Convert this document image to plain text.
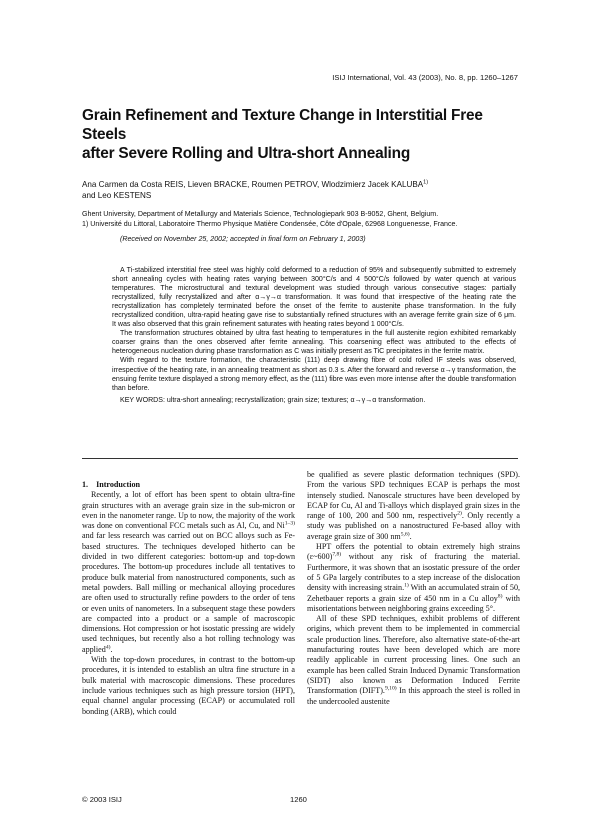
ISIJ International, Vol. 43 (2003), No. 8, pp. 1260–1267
Grain Refinement and Texture Change in Interstitial Free Steels
after Severe Rolling and Ultra-short Annealing
Ana Carmen da Costa REIS, Lieven BRACKE, Roumen PETROV, Wlodzimierz Jacek KALUBA$^{1)}$
and Leo KESTENS

Ghent University, Department of Metallurgy and Materials Science, Technologiepark 903 B-9052, Ghent, Belgium.

1) Université du Littoral, Laboratoire Thermo Physique Matière Condensée, Côte d'Opale, 62968 Longuenesse, France.

(Received on November 25, 2002; accepted in final form on February 1, 2003)

A Ti-stabilized interstitial free steel was highly cold deformed to a reduction of 95% and subsequently submitted to extremely short annealing cycles with heating rates varying between 300°C/s and 4 500°C/s followed by water quench at various temperatures. The microstructural and textural development was studied through various consecutive stages: partially recrystallized, fully recrystallized and after α→γ→α transformation. It was found that irrespective of the heating rate the recrystallization has completely terminated before the onset of the ferrite to austenite phase transformation. In the fully recrystallized condition, ultra-rapid heating gave rise to substantially refined structures with an average ferrite grain size of 6 μm. It was also observed that this grain refinement saturates with heating rates beyond 1 000°C/s.

The transformation structures obtained by ultra fast heating to temperatures in the full austenite region exhibited remarkably coarser grains than the ones observed after ferrite annealing. This coarsening effect was attributed to the effects of heterogeneous nucleation during phase transformation as C was initially present as TiC precipitates in the ferrite matrix.

With regard to the texture formation, the characteristic (111) deep drawing fibre of cold rolled IF steels was observed, irrespective of the heating rate, in an annealing treatment as short as 0.3 s. After the forward and reverse α→γ transformation, the ensuing ferrite texture displayed a strong memory effect, as the (111) fibre was even more intense after the double transformation than before.

KEY WORDS: ultra-short annealing; recrystallization; grain size; textures; α→γ→α transformation.

1. Introduction

Recently, a lot of effort has been spent to obtain ultra-fine grain structures with an average grain size in the sub-micron or even in the nanometer range. Up to now, the majority of the work was done on conventional FCC metals such as Al, Cu, and Ni$^{1-3)}$ and far less research was carried out on BCC alloys such as Fe-based structures. The techniques developed hitherto can be divided in two different categories: bottom-up and top-down procedures. The bottom-up procedures include all tentatives to produce bulk material from nanostructured components, such as metal powders. Ball milling or mechanical alloying procedures are often used to structurally refine powders to the order of tens or even units of nanometers. In a subsequent stage these powders are compacted into a product or a sample of macroscopic dimensions. Hot compression or hot isostatic pressing are widely used techniques, but recently also a hot rolling technology was applied$^{4)}$.

With the top-down procedures, in contrast to the bottom-up procedures, it is intended to establish an ultra fine structure in a bulk material with macroscopic dimensions. These procedures include various techniques such as high pressure torsion (HPT), equal channel angular processing (ECAP) or accumulated roll bonding (ARB), which could

be qualified as severe plastic deformation techniques (SPD). From the various SPD techniques ECAP is perhaps the most intensely studied. Nanoscale structures have been developed by ECAP for Cu, Al and Ti-alloys which displayed grain sizes in the range of 100, 200 and 500 nm, respectively$^{2)}$. Only recently a study was published on a nanostructured Fe-based alloy with average grain size of 300 nm$^{5,6)}$.

HPT offers the potential to obtain extremely high strains (ε~600)$^{7,8)}$ without any risk of fracturing the material. Furthermore, it was shown that an isostatic pressure of the order of 5 GPa largely contributes to a step increase of the dislocation density with increasing strain.$^{1)}$ With an accumulated strain of 50, Zehetbauer reports a grain size of 450 nm in a Cu alloy$^{8)}$ with misorientations between neighboring grains exceeding 5°.

All of these SPD techniques, exhibit problems of different origins, which prevent them to be implemented in commercial scale production lines. Therefore, also alternative state-of-the-art manufacturing routes have been developed which are more readily applicable in current processing lines. One such an example has been called Strain Induced Dynamic Transformation (SIDT) also known as Deformation Induced Ferrite Transformation (DIFT).$^{9,10)}$ In this approach the steel is rolled in the undercooled austenite

© 2003 ISIJ	1260
